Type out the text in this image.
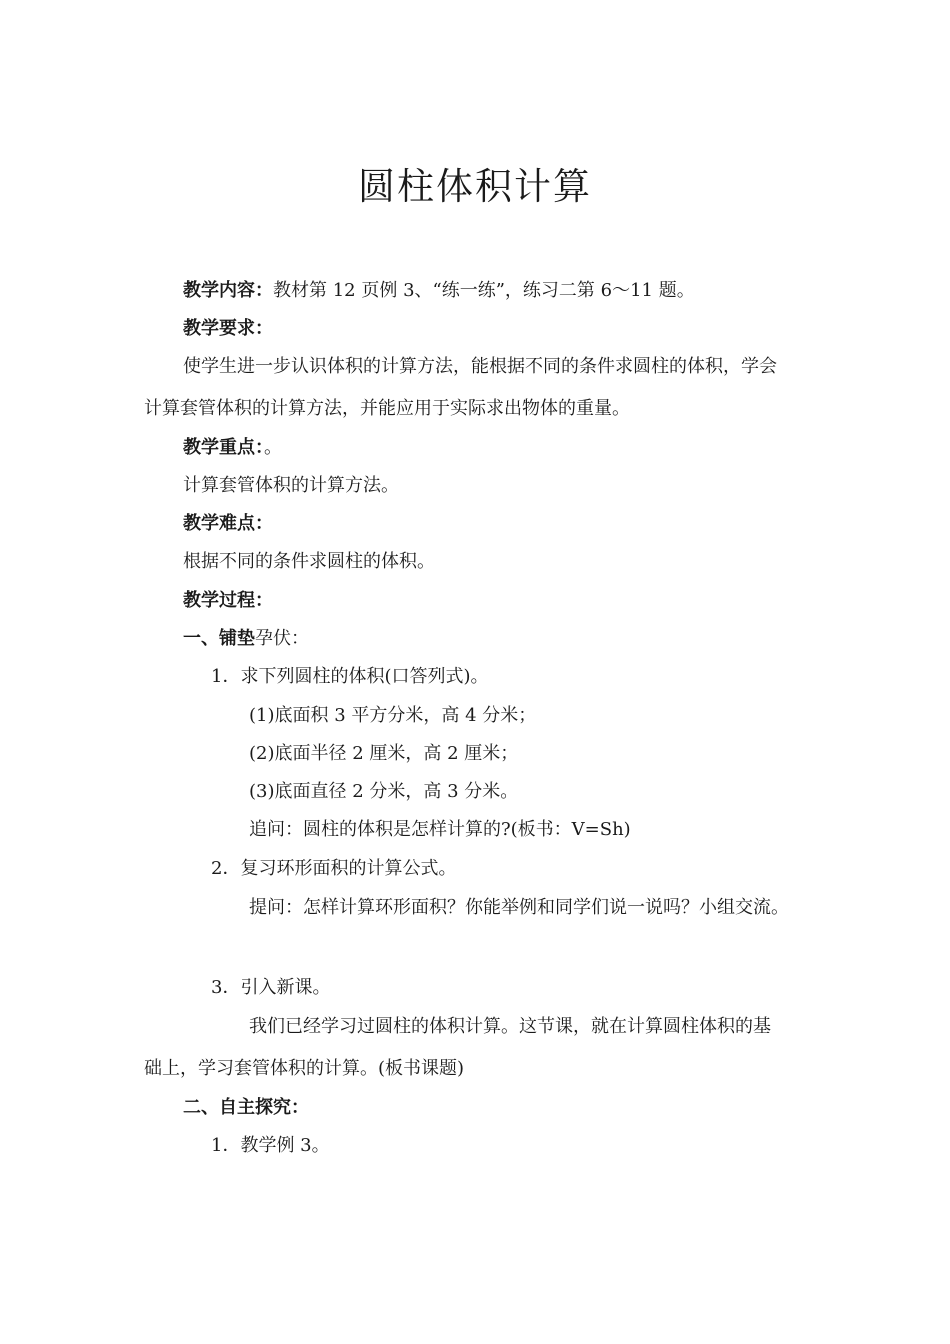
圆柱体积计算
教学内容：教材第 12 页例 3、“练一练”，练习二第 6～11 题。
教学要求：
使学生进一步认识体积的计算方法，能根据不同的条件求圆柱的体积，学会
计算套管体积的计算方法，并能应用于实际求出物体的重量。
教学重点：。
计算套管体积的计算方法。
教学难点：
根据不同的条件求圆柱的体积。
教学过程：
一、铺垫孕伏：
1．求下列圆柱的体积(口答列式)。
(1)底面积 3 平方分米，高 4 分米；
(2)底面半径 2 厘米，高 2 厘米；
(3)底面直径 2 分米，高 3 分米。
追问：圆柱的体积是怎样计算的?(板书：V=Sh)
2．复习环形面积的计算公式。
提问：怎样计算环形面积？你能举例和同学们说一说吗？小组交流。
3．引入新课。
我们已经学习过圆柱的体积计算。这节课，就在计算圆柱体积的基
础上，学习套管体积的计算。(板书课题)
二、自主探究：
1．教学例 3。
